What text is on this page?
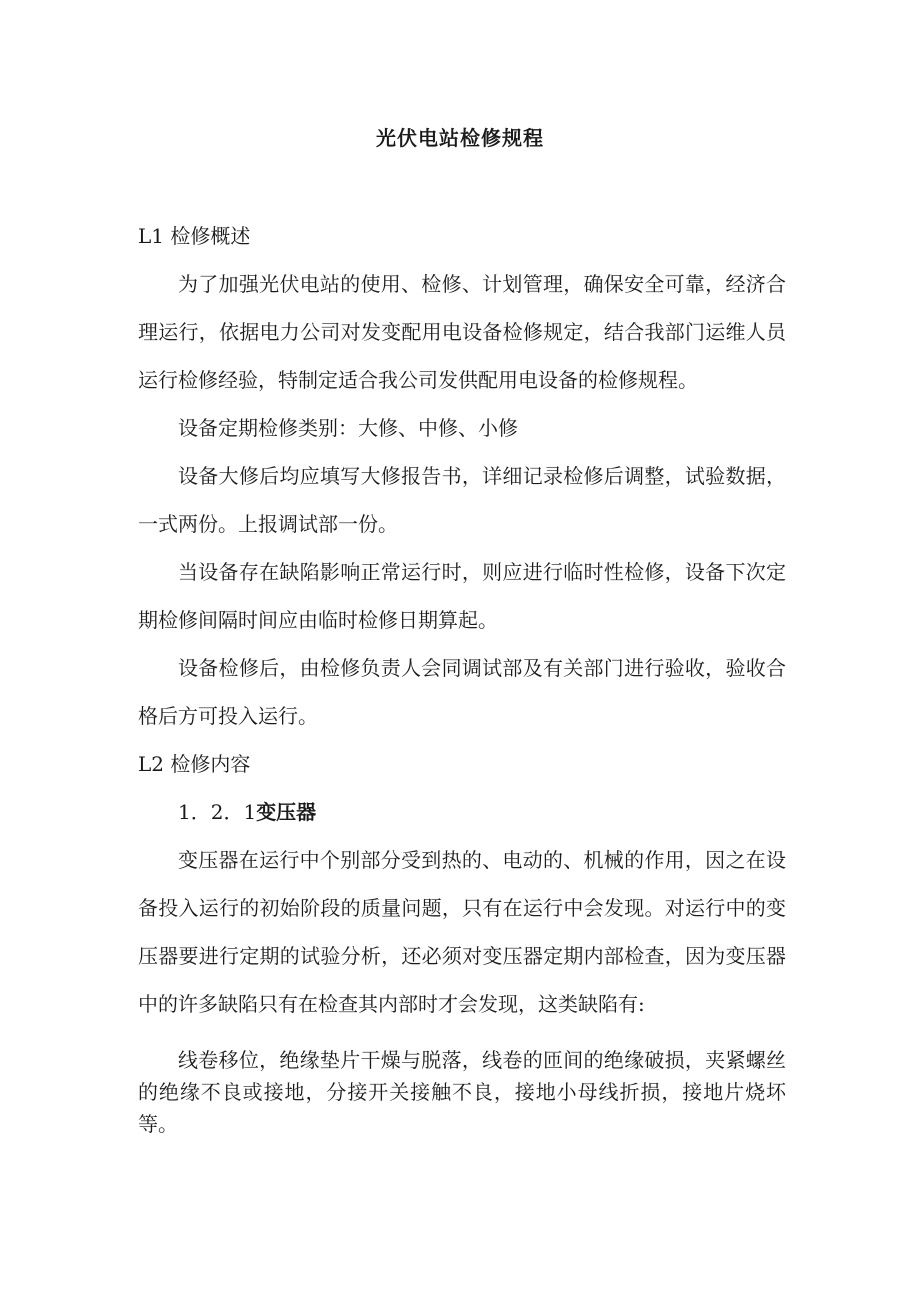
光伏电站检修规程

L1 检修概述

为了加强光伏电站的使用、检修、计划管理，确保安全可靠，经济合理运行，依据电力公司对发变配用电设备检修规定，结合我部门运维人员运行检修经验，特制定适合我公司发供配用电设备的检修规程。

设备定期检修类别：大修、中修、小修

设备大修后均应填写大修报告书，详细记录检修后调整，试验数据，一式两份。上报调试部一份。

当设备存在缺陷影响正常运行时，则应进行临时性检修，设备下次定期检修间隔时间应由临时检修日期算起。

设备检修后，由检修负责人会同调试部及有关部门进行验收，验收合格后方可投入运行。

L2 检修内容

1．2．1变压器

变压器在运行中个别部分受到热的、电动的、机械的作用，因之在设备投入运行的初始阶段的质量问题，只有在运行中会发现。对运行中的变压器要进行定期的试验分析，还必须对变压器定期内部检查，因为变压器中的许多缺陷只有在检查其内部时才会发现，这类缺陷有:

线卷移位，绝缘垫片干燥与脱落，线卷的匝间的绝缘破损，夹紧螺丝的绝缘不良或接地，分接开关接触不良，接地小母线折损，接地片烧坏等。
